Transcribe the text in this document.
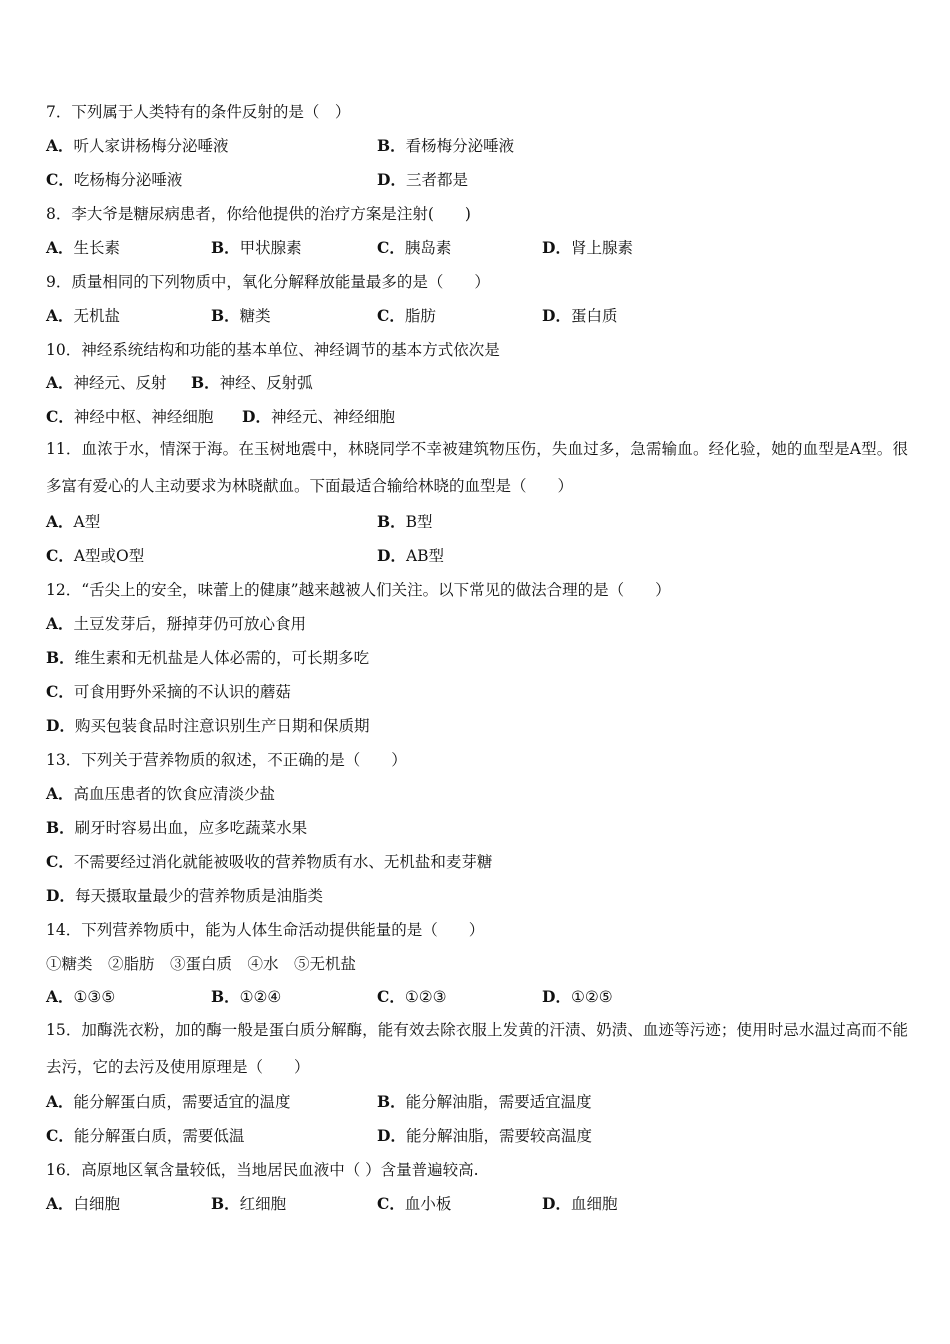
7．下列属于人类特有的条件反射的是（　）
A．听人家讲杨梅分泌唾液	B．看杨梅分泌唾液
C．吃杨梅分泌唾液	D．三者都是
8．李大爷是糖尿病患者，你给他提供的治疗方案是注射(　　)
A．生长素	B．甲状腺素	C．胰岛素	D．肾上腺素
9．质量相同的下列物质中，氧化分解释放能量最多的是（　　）
A．无机盐	B．糖类	C．脂肪	D．蛋白质
10．神经系统结构和功能的基本单位、神经调节的基本方式依次是
A．神经元、反射 B．神经、反射弧
C．神经中枢、神经细胞 D．神经元、神经细胞
11．血浓于水，情深于海。在玉树地震中，林晓同学不幸被建筑物压伤，失血过多，急需输血。经化验，她的血型是A型。很多富有爱心的人主动要求为林晓献血。下面最适合输给林晓的血型是（　　）
A．A型	B．B型
C．A型或O型	D．AB型
12．“舌尖上的安全，味蕾上的健康”越来越被人们关注。以下常见的做法合理的是（　　）
A．土豆发芽后，掰掉芽仍可放心食用
B．维生素和无机盐是人体必需的，可长期多吃
C．可食用野外采摘的不认识的蘑菇
D．购买包装食品时注意识别生产日期和保质期
13．下列关于营养物质的叙述，不正确的是（　　）
A．高血压患者的饮食应清淡少盐
B．刷牙时容易出血，应多吃蔬菜水果
C．不需要经过消化就能被吸收的营养物质有水、无机盐和麦芽糖
D．每天摄取量最少的营养物质是油脂类
14．下列营养物质中，能为人体生命活动提供能量的是（　　）
①糖类　②脂肪　③蛋白质　④水　⑤无机盐
A．①③⑤	B．①②④	C．①②③	D．①②⑤
15．加酶洗衣粉，加的酶一般是蛋白质分解酶，能有效去除衣服上发黄的汗渍、奶渍、血迹等污迹；使用时忌水温过高而不能去污，它的去污及使用原理是（　　）
A．能分解蛋白质，需要适宜的温度	B．能分解油脂，需要适宜温度
C．能分解蛋白质，需要低温	D．能分解油脂，需要较高温度
16．高原地区氧含量较低，当地居民血液中（ ）含量普遍较高.
A．白细胞	B．红细胞	C．血小板	D．血细胞
